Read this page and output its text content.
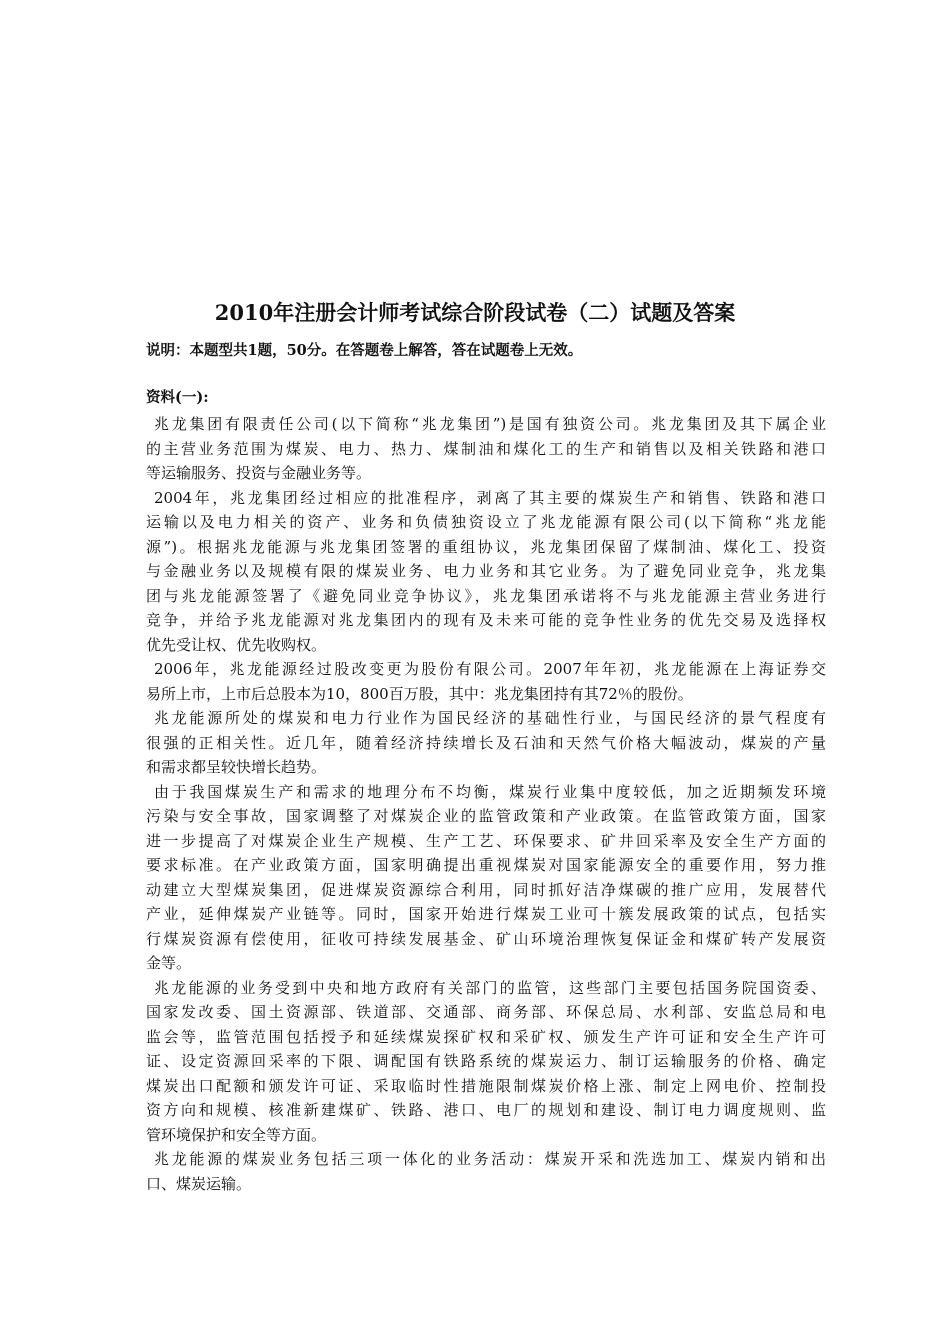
2010年注册会计师考试综合阶段试卷（二）试题及答案
说明：本题型共1题，50分。在答题卷上解答，答在试题卷上无效。
资料(一):
兆龙集团有限责任公司(以下简称“兆龙集团”)是国有独资公司。兆龙集团及其下属企业
的主营业务范围为煤炭、电力、热力、煤制油和煤化工的生产和销售以及相关铁路和港口
等运输服务、投资与金融业务等。
2004年，兆龙集团经过相应的批准程序，剥离了其主要的煤炭生产和销售、铁路和港口
运输以及电力相关的资产、业务和负债独资设立了兆龙能源有限公司(以下简称“兆龙能
源”)。根据兆龙能源与兆龙集团签署的重组协议，兆龙集团保留了煤制油、煤化工、投资
与金融业务以及规模有限的煤炭业务、电力业务和其它业务。为了避免同业竞争，兆龙集
团与兆龙能源签署了《避免同业竞争协议》，兆龙集团承诺将不与兆龙能源主营业务进行
竞争，并给予兆龙能源对兆龙集团内的现有及未来可能的竞争性业务的优先交易及选择权
优先受让权、优先收购权。
2006年，兆龙能源经过股改变更为股份有限公司。2007年年初，兆龙能源在上海证券交
易所上市，上市后总股本为10，800百万股，其中：兆龙集团持有其72％的股份。
兆龙能源所处的煤炭和电力行业作为国民经济的基础性行业，与国民经济的景气程度有
很强的正相关性。近几年，随着经济持续增长及石油和天然气价格大幅波动，煤炭的产量
和需求都呈较快增长趋势。
由于我国煤炭生产和需求的地理分布不均衡，煤炭行业集中度较低，加之近期频发环境
污染与安全事故，国家调整了对煤炭企业的监管政策和产业政策。在监管政策方面，国家
进一步提高了对煤炭企业生产规模、生产工艺、环保要求、矿井回采率及安全生产方面的
要求标准。在产业政策方面，国家明确提出重视煤炭对国家能源安全的重要作用，努力推
动建立大型煤炭集团，促进煤炭资源综合利用，同时抓好洁净煤碳的推广应用，发展替代
产业，延伸煤炭产业链等。同时，国家开始进行煤炭工业可十簇发展政策的试点，包括实
行煤炭资源有偿使用，征收可持续发展基金、矿山环境治理恢复保证金和煤矿转产发展资
金等。
兆龙能源的业务受到中央和地方政府有关部门的监管，这些部门主要包括国务院国资委、
国家发改委、国土资源部、铁道部、交通部、商务部、环保总局、水利部、安监总局和电
监会等，监管范围包括授予和延续煤炭探矿权和采矿权、颁发生产许可证和安全生产许可
证、设定资源回采率的下限、调配国有铁路系统的煤炭运力、制订运输服务的价格、确定
煤炭出口配额和颁发许可证、采取临时性措施限制煤炭价格上涨、制定上网电价、控制投
资方向和规模、核准新建煤矿、铁路、港口、电厂的规划和建设、制订电力调度规则、监
管环境保护和安全等方面。
兆龙能源的煤炭业务包括三项一体化的业务活动：煤炭开采和洗选加工、煤炭内销和出
口、煤炭运输。
